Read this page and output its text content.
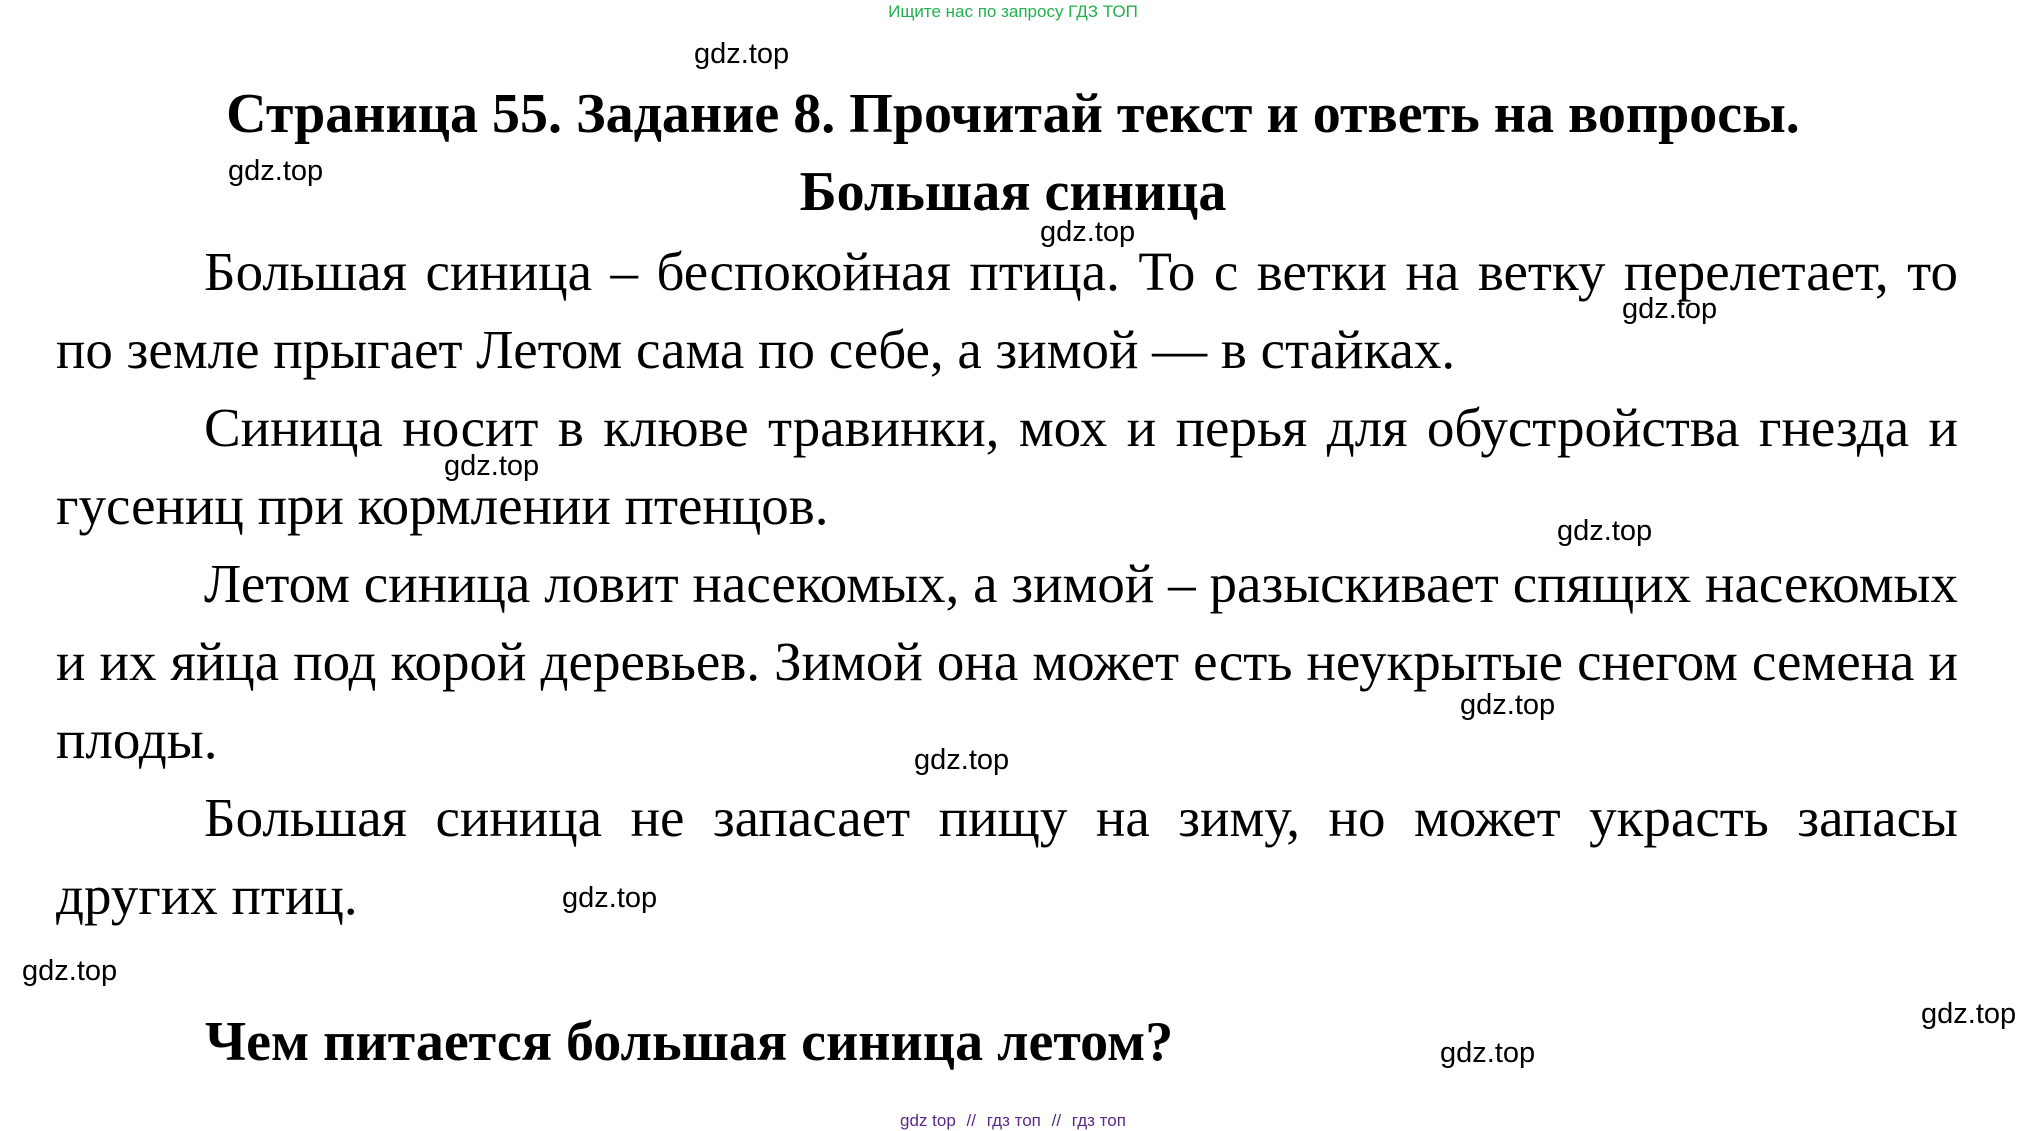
Ищите нас по запросу ГДЗ ТОП
Страница 55. Задание 8. Прочитай текст и ответь на вопросы.
Большая синица

Большая синица – беспокойная птица. То с ветки на ветку перелетает, то по земле прыгает Летом сама по себе, а зимой — в стайках.

Синица носит в клюве травинки, мох и перья для обустройства гнезда и гусениц при кормлении птенцов.

Летом синица ловит насекомых, а зимой – разыскивает спящих насекомых и их яйца под корой деревьев. Зимой она может есть неукрытые снегом семена и плоды.

Большая синица не запасает пищу на зиму, но может украсть запасы других птиц.

Чем питается большая синица летом?
gdz.top
gdz.top
gdz.top
gdz.top
gdz.top
gdz.top
gdz.top
gdz.top
gdz.top
gdz.top
gdz.top
gdz.top
gdz top // гдз топ // гдз топ
